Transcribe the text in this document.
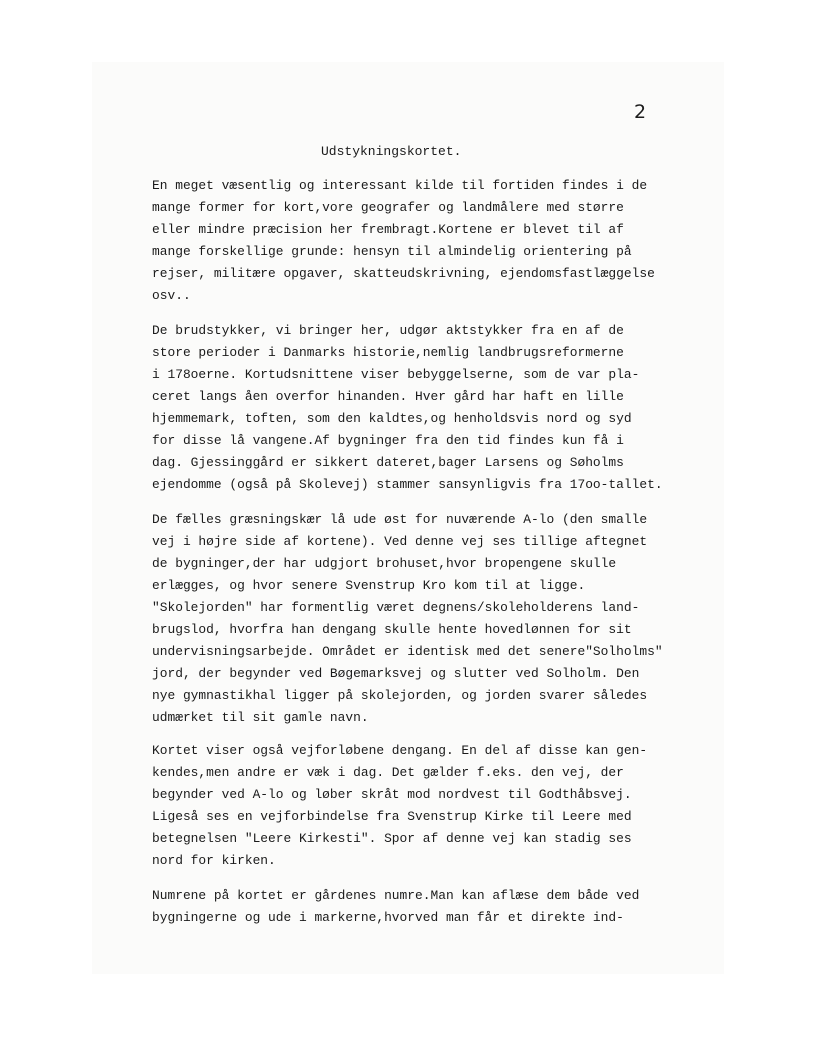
2
Udstykningskortet.
En meget væsentlig og interessant kilde til fortiden findes i de
mange former for kort,vore geografer og landmålere med større
eller mindre præcision her frembragt.Kortene er blevet til af
mange forskellige grunde: hensyn til almindelig orientering på
rejser, militære opgaver, skatteudskrivning, ejendomsfastlæggelse
osv..
De brudstykker, vi bringer her, udgør aktstykker fra en af de
store perioder i Danmarks historie,nemlig landbrugsreformerne
i 178oerne. Kortudsnittene viser bebyggelserne, som de var pla-
ceret langs åen overfor hinanden. Hver gård har haft en lille
hjemmemark, toften, som den kaldtes,og henholdsvis nord og syd
for disse lå vangene.Af bygninger fra den tid findes kun få i
dag. Gjessinggård er sikkert dateret,bager Larsens og Søholms
ejendomme (også på Skolevej) stammer sansynligvis fra 17oo-tallet.
De fælles græsningskær lå ude øst for nuværende A-lo (den smalle
vej i højre side af kortene). Ved denne vej ses tillige aftegnet
de bygninger,der har udgjort brohuset,hvor bropengene skulle
erlægges, og hvor senere Svenstrup Kro kom til at ligge.
"Skolejorden" har formentlig været degnens/skoleholderens land-
brugslod, hvorfra han dengang skulle hente hovedlønnen for sit
undervisningsarbejde. Området er identisk med det senere"Solholms"
jord, der begynder ved Bøgemarksvej og slutter ved Solholm. Den
nye gymnastikhal ligger på skolejorden, og jorden svarer således
udmærket til sit gamle navn.
Kortet viser også vejforløbene dengang. En del af disse kan gen-
kendes,men andre er væk i dag. Det gælder f.eks. den vej, der
begynder ved A-lo og løber skråt mod nordvest til Godthåbsvej.
Ligeså ses en vejforbindelse fra Svenstrup Kirke til Leere med
betegnelsen "Leere Kirkesti". Spor af denne vej kan stadig ses
nord for kirken.
Numrene på kortet er gårdenes numre.Man kan aflæse dem både ved
bygningerne og ude i markerne,hvorved man får et direkte ind-
